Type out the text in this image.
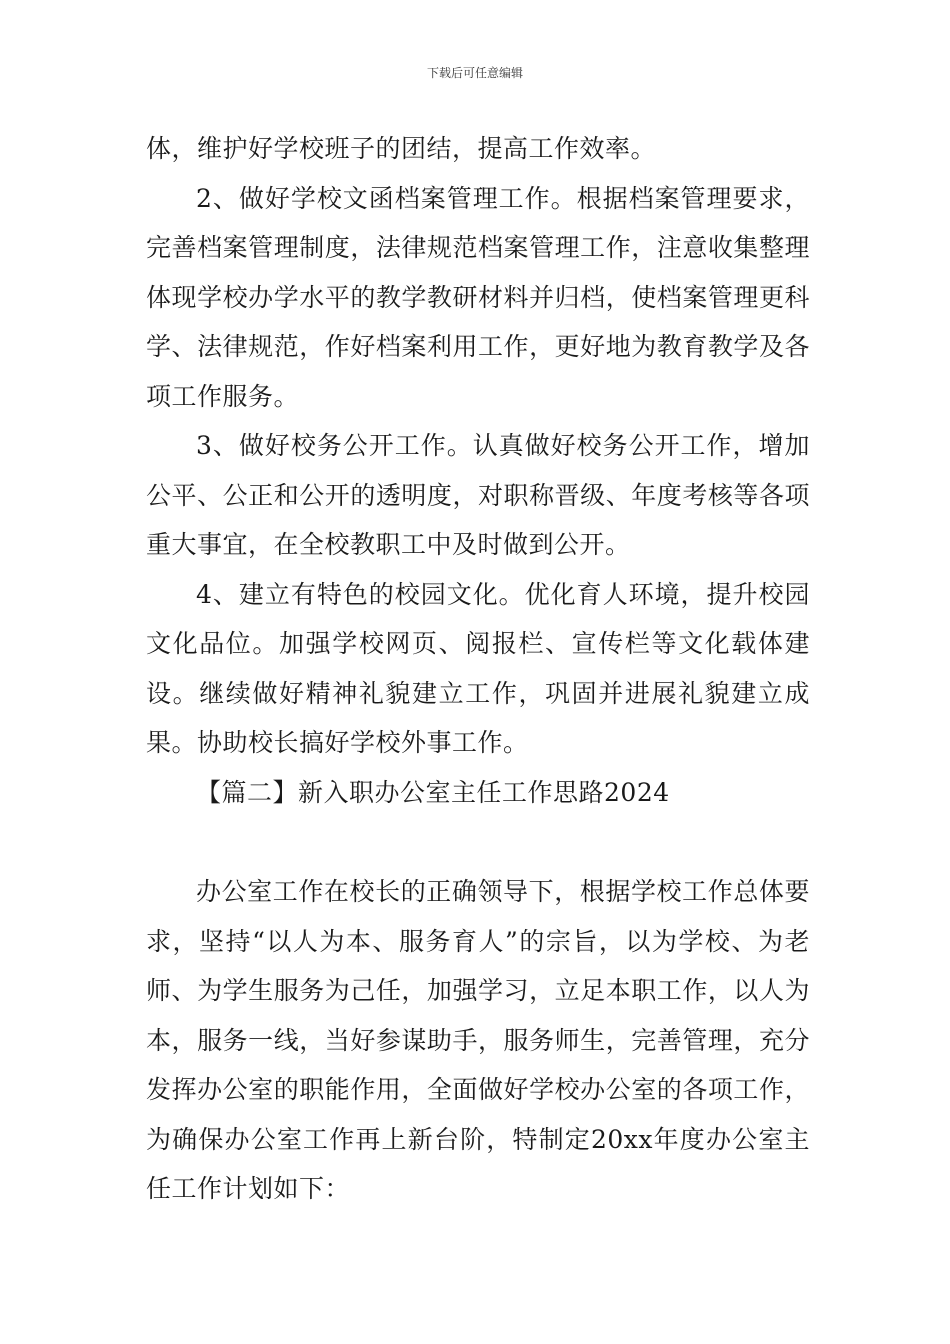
下载后可任意编辑

体，维护好学校班子的团结，提高工作效率。

2、做好学校文函档案管理工作。根据档案管理要求，完善档案管理制度，法律规范档案管理工作，注意收集整理体现学校办学水平的教学教研材料并归档，使档案管理更科学、法律规范，作好档案利用工作，更好地为教育教学及各项工作服务。

3、做好校务公开工作。认真做好校务公开工作，增加公平、公正和公开的透明度，对职称晋级、年度考核等各项重大事宜，在全校教职工中及时做到公开。

4、建立有特色的校园文化。优化育人环境，提升校园文化品位。加强学校网页、阅报栏、宣传栏等文化载体建设。继续做好精神礼貌建立工作，巩固并进展礼貌建立成果。协助校长搞好学校外事工作。

【篇二】新入职办公室主任工作思路2024

办公室工作在校长的正确领导下，根据学校工作总体要求，坚持“以人为本、服务育人”的宗旨，以为学校、为老师、为学生服务为己任，加强学习，立足本职工作，以人为本，服务一线，当好参谋助手，服务师生，完善管理，充分发挥办公室的职能作用，全面做好学校办公室的各项工作，为确保办公室工作再上新台阶，特制定20xx年度办公室主任工作计划如下：
